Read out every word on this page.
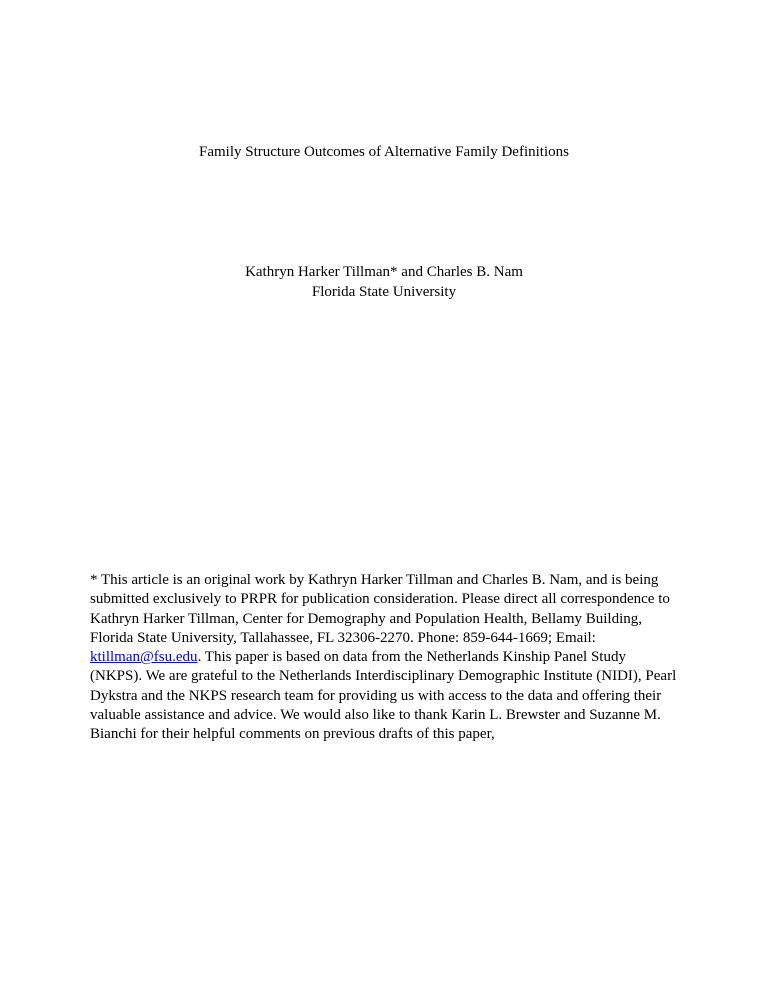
Family Structure Outcomes of Alternative Family Definitions
Kathryn Harker Tillman* and Charles B. Nam
Florida State University
* This article is an original work by Kathryn Harker Tillman and Charles B. Nam, and is being submitted exclusively to PRPR for publication consideration. Please direct all correspondence to Kathryn Harker Tillman, Center for Demography and Population Health, Bellamy Building, Florida State University, Tallahassee, FL 32306-2270. Phone: 859-644-1669; Email: ktillman@fsu.edu. This paper is based on data from the Netherlands Kinship Panel Study (NKPS). We are grateful to the Netherlands Interdisciplinary Demographic Institute (NIDI), Pearl Dykstra and the NKPS research team for providing us with access to the data and offering their valuable assistance and advice. We would also like to thank Karin L. Brewster and Suzanne M. Bianchi for their helpful comments on previous drafts of this paper,
